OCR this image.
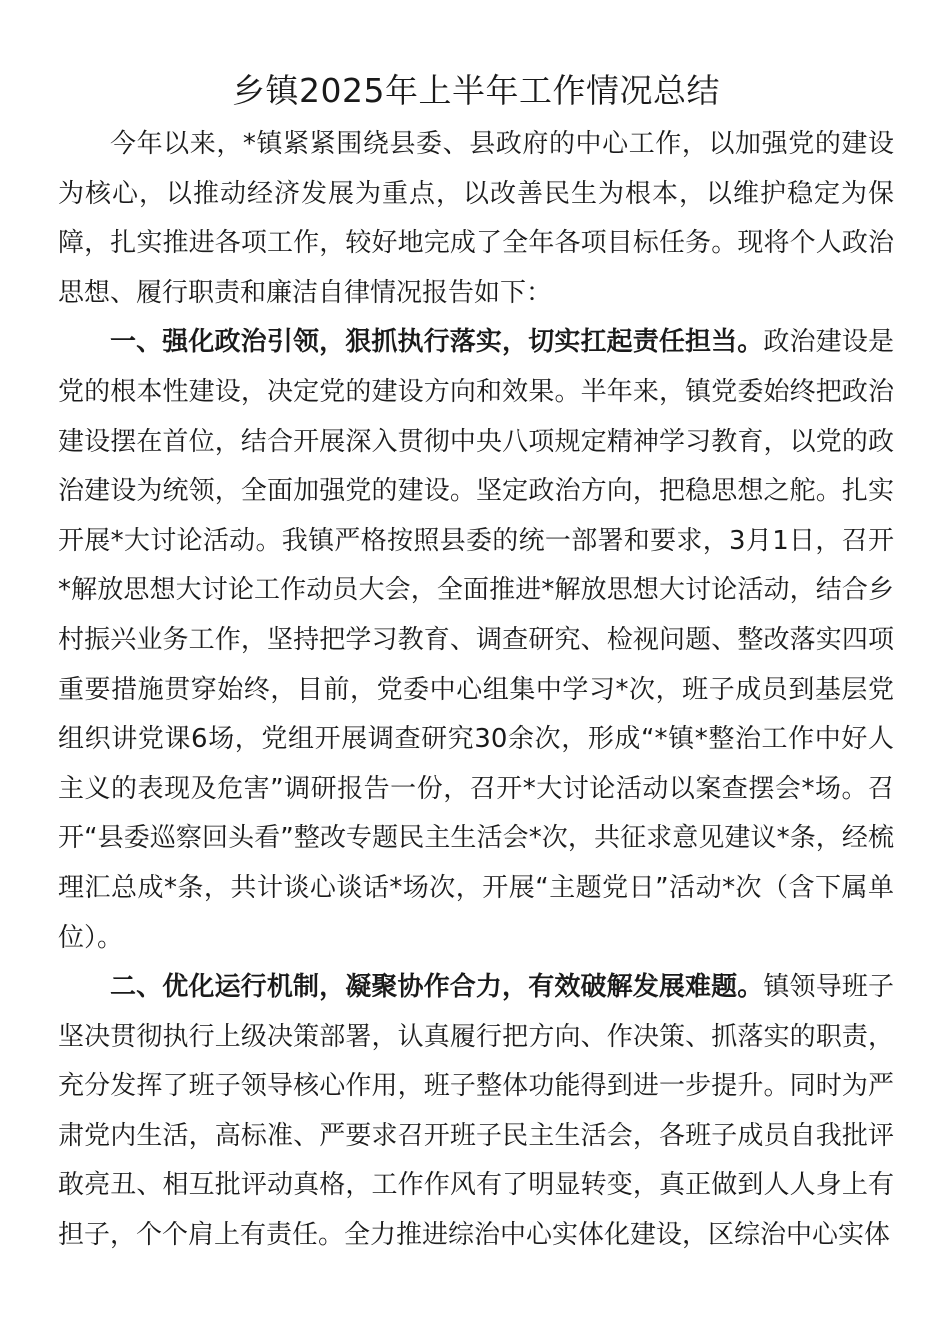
乡镇2025年上半年工作情况总结

今年以来，*镇紧紧围绕县委、县政府的中心工作，以加强党的建设为核心，以推动经济发展为重点，以改善民生为根本，以维护稳定为保障，扎实推进各项工作，较好地完成了全年各项目标任务。现将个人政治思想、履行职责和廉洁自律情况报告如下：

一、强化政治引领，狠抓执行落实，切实扛起责任担当。政治建设是党的根本性建设，决定党的建设方向和效果。半年来，镇党委始终把政治建设摆在首位，结合开展深入贯彻中央八项规定精神学习教育，以党的政治建设为统领，全面加强党的建设。坚定政治方向，把稳思想之舵。扎实开展*大讨论活动。我镇严格按照县委的统一部署和要求，3月1日，召开*解放思想大讨论工作动员大会，全面推进*解放思想大讨论活动，结合乡村振兴业务工作，坚持把学习教育、调查研究、检视问题、整改落实四项重要措施贯穿始终，目前，党委中心组集中学习*次，班子成员到基层党组织讲党课6场，党组开展调查研究30余次，形成“*镇*整治工作中好人主义的表现及危害”调研报告一份，召开*大讨论活动以案查摆会*场。召开“县委巡察回头看”整改专题民主生活会*次，共征求意见建议*条，经梳理汇总成*条，共计谈心谈话*场次，开展“主题党日”活动*次（含下属单位）。

二、优化运行机制，凝聚协作合力，有效破解发展难题。镇领导班子坚决贯彻执行上级决策部署，认真履行把方向、作决策、抓落实的职责，充分发挥了班子领导核心作用，班子整体功能得到进一步提升。同时为严肃党内生活，高标准、严要求召开班子民主生活会，各班子成员自我批评敢亮丑、相互批评动真格，工作作风有了明显转变，真正做到人人身上有担子，个个肩上有责任。全力推进综治中心实体化建设，区综治中心实体
